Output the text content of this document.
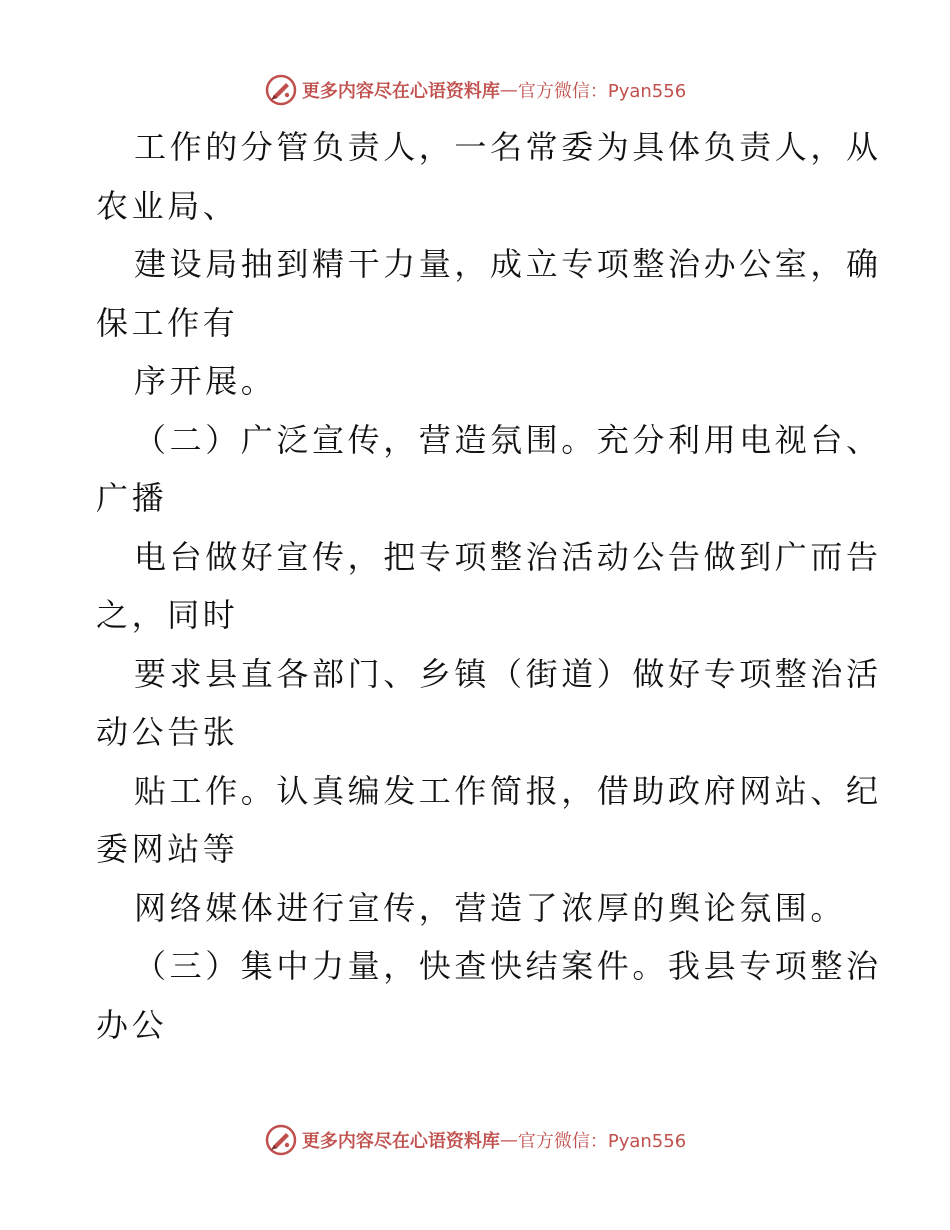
更多内容尽在心语资料库 — 官方微信：Pyan556
工作的分管负责人，一名常委为具体负责人，从
农业局、
建设局抽到精干力量，成立专项整治办公室，确
保工作有
序开展。
（二）广泛宣传，营造氛围。充分利用电视台、
广播
电台做好宣传，把专项整治活动公告做到广而告
之，同时
要求县直各部门、乡镇（街道）做好专项整治活
动公告张
贴工作。认真编发工作简报，借助政府网站、纪
委网站等
网络媒体进行宣传，营造了浓厚的舆论氛围。
（三）集中力量，快查快结案件。我县专项整治
办公
更多内容尽在心语资料库 — 官方微信：Pyan556
